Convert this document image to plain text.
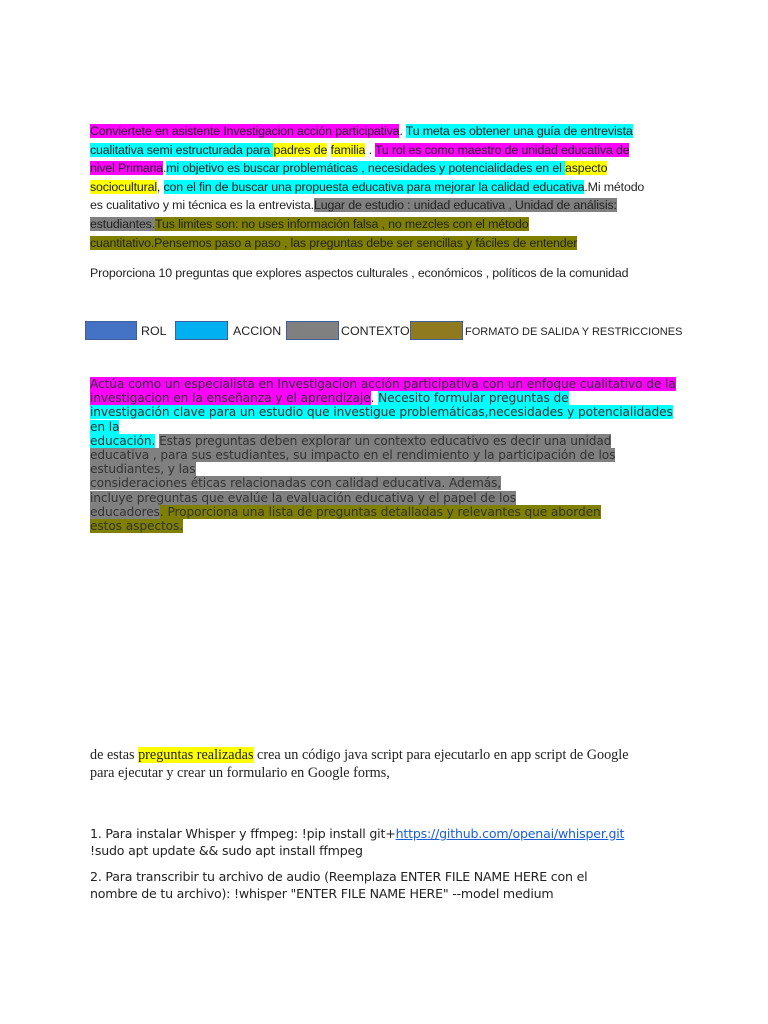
Conviertete en asistente Investigacion acción participativa. Tu meta es obtener una guía de entrevista
cualitativa semi estructurada para padres de familia . Tu rol es como maestro de unidad educativa de
nivel Primaria.mi objetivo es buscar problemáticas , necesidades y potencialidades en el aspecto
sociocultural, con el fin de buscar una propuesta educativa para mejorar la calidad educativa.Mi método
es cualitativo y mi técnica es la entrevista.Lugar de estudio : unidad educativa , Unidad de análisis:
estudiantes.Tus limites son: no uses información falsa , no mezcles con el método
cuantitativo.Pensemos paso a paso , las preguntas debe ser sencillas y fáciles de entender
Proporciona 10 preguntas que explores aspectos culturales , económicos , políticos de la comunidad
ROL	ACCION	CONTEXTO	FORMATO DE SALIDA Y RESTRICCIONES
Actúa como un especialista en Investigacion acción participativa con un enfoque cualitativo de la
investigacion en la enseñanza y el aprendizaje. Necesito formular preguntas de
investigación clave para un estudio que investigue problemáticas,necesidades y potencialidades
en la
educación. Estas preguntas deben explorar un contexto educativo es decir una unidad
educativa , para sus estudiantes, su impacto en el rendimiento y la participación de los
estudiantes, y las
consideraciones éticas relacionadas con calidad educativa. Además,
incluye preguntas que evalúe la evaluación educativa y el papel de los
educadores. Proporciona una lista de preguntas detalladas y relevantes que aborden
estos aspectos.
de estas preguntas realizadas crea un código java script para ejecutarlo en app script de Google
para ejecutar y crear un formulario en Google forms,
1. Para instalar Whisper y ffmpeg: !pip install git+https://github.com/openai/whisper.git
!sudo apt update && sudo apt install ffmpeg
2. Para transcribir tu archivo de audio (Reemplaza ENTER FILE NAME HERE con el
nombre de tu archivo): !whisper "ENTER FILE NAME HERE" --model medium
